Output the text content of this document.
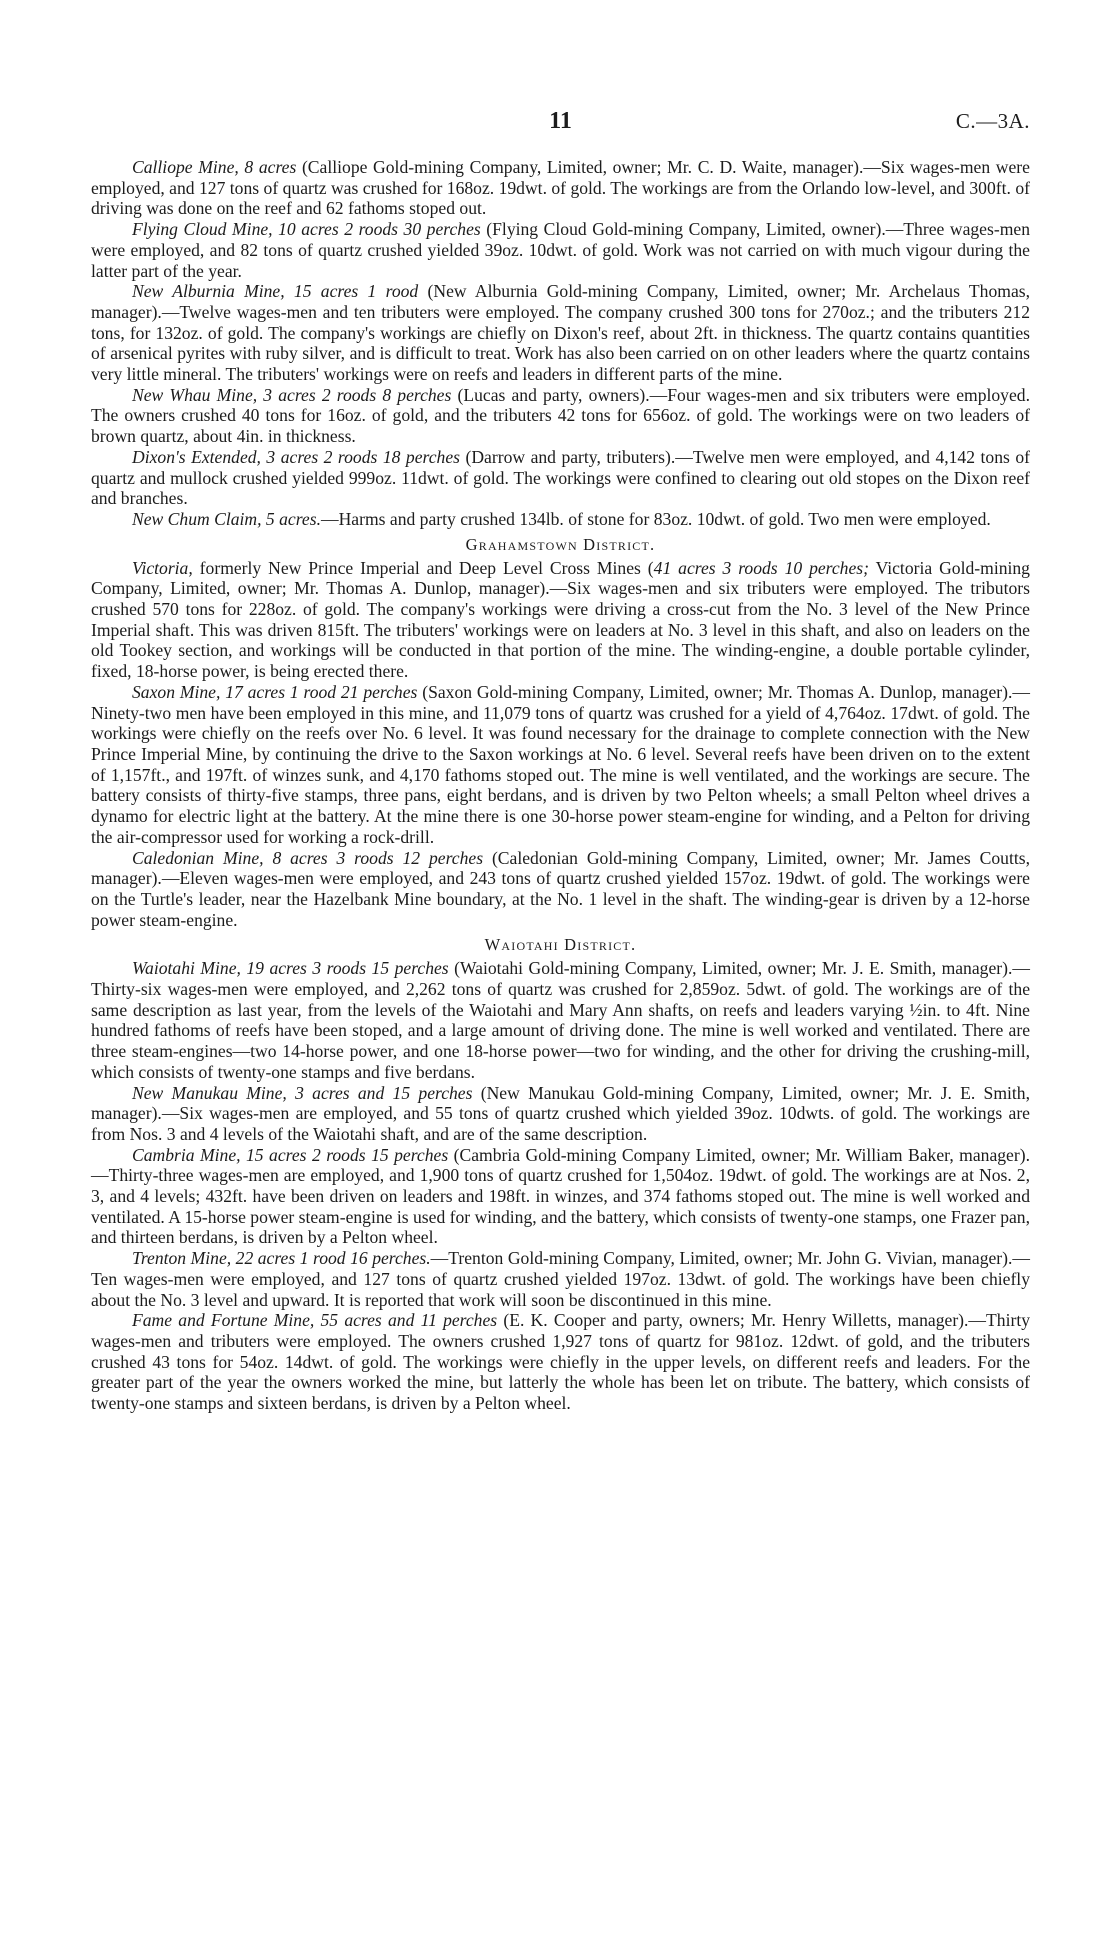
11	C.—3A.

Calliope Mine, 8 acres (Calliope Gold-mining Company, Limited, owner; Mr. C. D. Waite, manager).—Six wages-men were employed, and 127 tons of quartz was crushed for 168oz. 19dwt. of gold. The workings are from the Orlando low-level, and 300ft. of driving was done on the reef and 62 fathoms stoped out.

Flying Cloud Mine, 10 acres 2 roods 30 perches (Flying Cloud Gold-mining Company, Limited, owner).—Three wages-men were employed, and 82 tons of quartz crushed yielded 39oz. 10dwt. of gold. Work was not carried on with much vigour during the latter part of the year.

New Alburnia Mine, 15 acres 1 rood (New Alburnia Gold-mining Company, Limited, owner; Mr. Archelaus Thomas, manager).—Twelve wages-men and ten tributers were employed. The company crushed 300 tons for 270oz.; and the tributers 212 tons, for 132oz. of gold. The company's workings are chiefly on Dixon's reef, about 2ft. in thickness. The quartz contains quantities of arsenical pyrites with ruby silver, and is difficult to treat. Work has also been carried on on other leaders where the quartz contains very little mineral. The tributers' workings were on reefs and leaders in different parts of the mine.

New Whau Mine, 3 acres 2 roods 8 perches (Lucas and party, owners).—Four wages-men and six tributers were employed. The owners crushed 40 tons for 16oz. of gold, and the tributers 42 tons for 656oz. of gold. The workings were on two leaders of brown quartz, about 4in. in thickness.

Dixon's Extended, 3 acres 2 roods 18 perches (Darrow and party, tributers).—Twelve men were employed, and 4,142 tons of quartz and mullock crushed yielded 999oz. 11dwt. of gold. The workings were confined to clearing out old stopes on the Dixon reef and branches.

New Chum Claim, 5 acres.—Harms and party crushed 134lb. of stone for 83oz. 10dwt. of gold. Two men were employed.

Grahamstown District.

Victoria, formerly New Prince Imperial and Deep Level Cross Mines (41 acres 3 roods 10 perches; Victoria Gold-mining Company, Limited, owner; Mr. Thomas A. Dunlop, manager).—Six wages-men and six tributers were employed. The tributors crushed 570 tons for 228oz. of gold. The company's workings were driving a cross-cut from the No. 3 level of the New Prince Imperial shaft. This was driven 815ft. The tributers' workings were on leaders at No. 3 level in this shaft, and also on leaders on the old Tookey section, and workings will be conducted in that portion of the mine. The winding-engine, a double portable cylinder, fixed, 18-horse power, is being erected there.

Saxon Mine, 17 acres 1 rood 21 perches (Saxon Gold-mining Company, Limited, owner; Mr. Thomas A. Dunlop, manager).—Ninety-two men have been employed in this mine, and 11,079 tons of quartz was crushed for a yield of 4,764oz. 17dwt. of gold. The workings were chiefly on the reefs over No. 6 level. It was found necessary for the drainage to complete connection with the New Prince Imperial Mine, by continuing the drive to the Saxon workings at No. 6 level. Several reefs have been driven on to the extent of 1,157ft., and 197ft. of winzes sunk, and 4,170 fathoms stoped out. The mine is well ventilated, and the workings are secure. The battery consists of thirty-five stamps, three pans, eight berdans, and is driven by two Pelton wheels; a small Pelton wheel drives a dynamo for electric light at the battery. At the mine there is one 30-horse power steam-engine for winding, and a Pelton for driving the air-compressor used for working a rock-drill.

Caledonian Mine, 8 acres 3 roods 12 perches (Caledonian Gold-mining Company, Limited, owner; Mr. James Coutts, manager).—Eleven wages-men were employed, and 243 tons of quartz crushed yielded 157oz. 19dwt. of gold. The workings were on the Turtle's leader, near the Hazelbank Mine boundary, at the No. 1 level in the shaft. The winding-gear is driven by a 12-horse power steam-engine.

Waiotahi District.

Waiotahi Mine, 19 acres 3 roods 15 perches (Waiotahi Gold-mining Company, Limited, owner; Mr. J. E. Smith, manager).—Thirty-six wages-men were employed, and 2,262 tons of quartz was crushed for 2,859oz. 5dwt. of gold. The workings are of the same description as last year, from the levels of the Waiotahi and Mary Ann shafts, on reefs and leaders varying ½in. to 4ft. Nine hundred fathoms of reefs have been stoped, and a large amount of driving done. The mine is well worked and ventilated. There are three steam-engines—two 14-horse power, and one 18-horse power—two for winding, and the other for driving the crushing-mill, which consists of twenty-one stamps and five berdans.

New Manukau Mine, 3 acres and 15 perches (New Manukau Gold-mining Company, Limited, owner; Mr. J. E. Smith, manager).—Six wages-men are employed, and 55 tons of quartz crushed which yielded 39oz. 10dwts. of gold. The workings are from Nos. 3 and 4 levels of the Waiotahi shaft, and are of the same description.

Cambria Mine, 15 acres 2 roods 15 perches (Cambria Gold-mining Company Limited, owner; Mr. William Baker, manager).—Thirty-three wages-men are employed, and 1,900 tons of quartz crushed for 1,504oz. 19dwt. of gold. The workings are at Nos. 2, 3, and 4 levels; 432ft. have been driven on leaders and 198ft. in winzes, and 374 fathoms stoped out. The mine is well worked and ventilated. A 15-horse power steam-engine is used for winding, and the battery, which consists of twenty-one stamps, one Frazer pan, and thirteen berdans, is driven by a Pelton wheel.

Trenton Mine, 22 acres 1 rood 16 perches.—Trenton Gold-mining Company, Limited, owner; Mr. John G. Vivian, manager).—Ten wages-men were employed, and 127 tons of quartz crushed yielded 197oz. 13dwt. of gold. The workings have been chiefly about the No. 3 level and upward. It is reported that work will soon be discontinued in this mine.

Fame and Fortune Mine, 55 acres and 11 perches (E. K. Cooper and party, owners; Mr. Henry Willetts, manager).—Thirty wages-men and tributers were employed. The owners crushed 1,927 tons of quartz for 981oz. 12dwt. of gold, and the tributers crushed 43 tons for 54oz. 14dwt. of gold. The workings were chiefly in the upper levels, on different reefs and leaders. For the greater part of the year the owners worked the mine, but latterly the whole has been let on tribute. The battery, which consists of twenty-one stamps and sixteen berdans, is driven by a Pelton wheel.
